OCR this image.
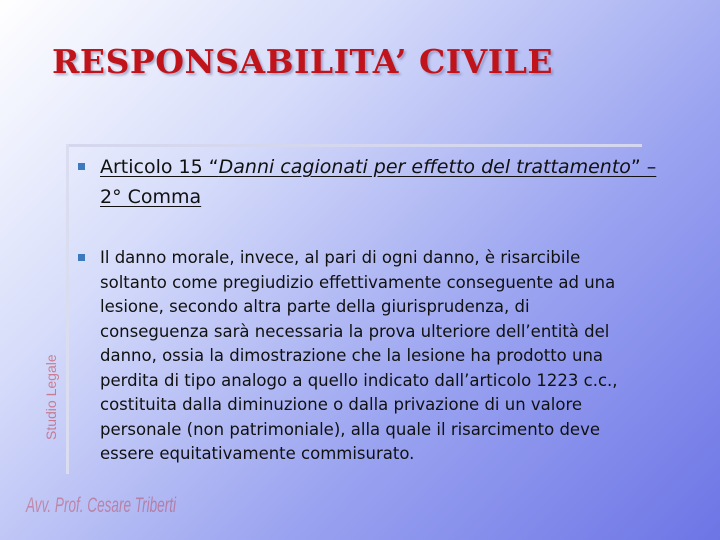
RESPONSABILITA’ CIVILE
Articolo 15 “Danni cagionati per effetto del trattamento” – 2° Comma
Il danno morale, invece, al pari di ogni danno, è risarcibile
soltanto come pregiudizio effettivamente conseguente ad una
lesione, secondo altra parte della giurisprudenza, di
conseguenza sarà necessaria la prova ulteriore dell’entità del
danno, ossia la dimostrazione che la lesione ha prodotto una
perdita di tipo analogo a quello indicato dall’articolo 1223 c.c.,
costituita dalla diminuzione o dalla privazione di un valore
personale (non patrimoniale), alla quale il risarcimento deve
essere equitativamente commisurato.
Studio Legale
Avv. Prof. Cesare Triberti
